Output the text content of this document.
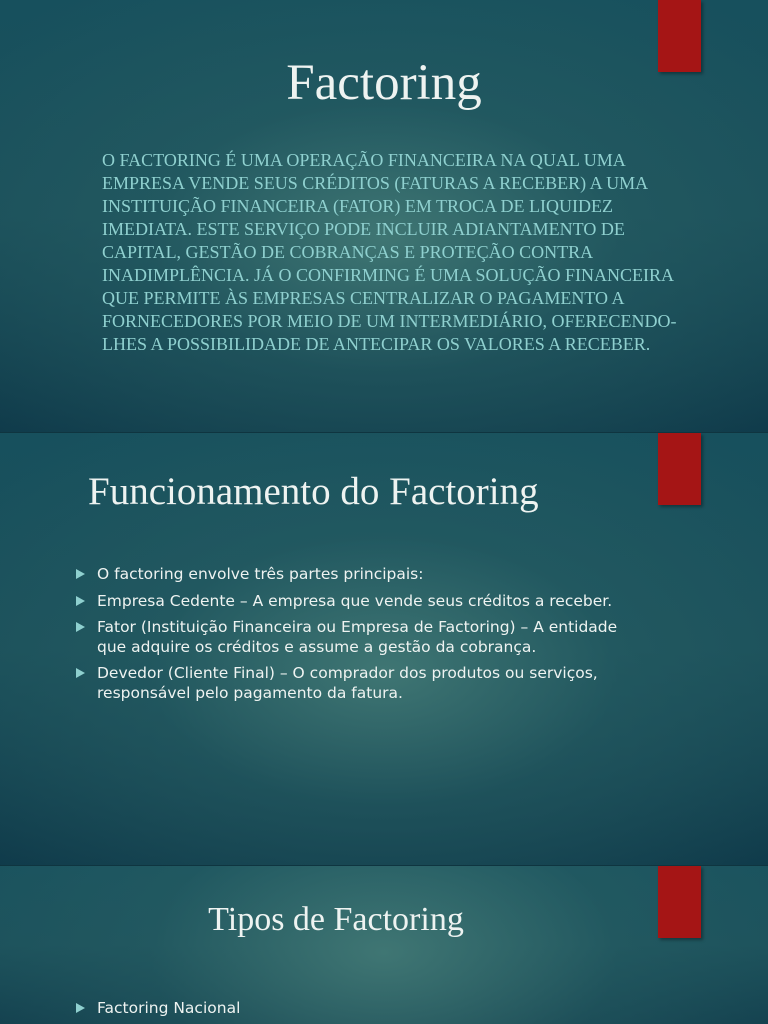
Factoring

O FACTORING É UMA OPERAÇÃO FINANCEIRA NA QUAL UMA EMPRESA VENDE SEUS CRÉDITOS (FATURAS A RECEBER) A UMA INSTITUIÇÃO FINANCEIRA (FATOR) EM TROCA DE LIQUIDEZ IMEDIATA. ESTE SERVIÇO PODE INCLUIR ADIANTAMENTO DE CAPITAL, GESTÃO DE COBRANÇAS E PROTEÇÃO CONTRA INADIMPLÊNCIA. JÁ O CONFIRMING É UMA SOLUÇÃO FINANCEIRA QUE PERMITE ÀS EMPRESAS CENTRALIZAR O PAGAMENTO A FORNECEDORES POR MEIO DE UM INTERMEDIÁRIO, OFERECENDO-LHES A POSSIBILIDADE DE ANTECIPAR OS VALORES A RECEBER.

Funcionamento do Factoring
O factoring envolve três partes principais:
Empresa Cedente – A empresa que vende seus créditos a receber.
Fator (Instituição Financeira ou Empresa de Factoring) – A entidade que adquire os créditos e assume a gestão da cobrança.
Devedor (Cliente Final) – O comprador dos produtos ou serviços, responsável pelo pagamento da fatura.
Tipos de Factoring
Factoring Nacional
